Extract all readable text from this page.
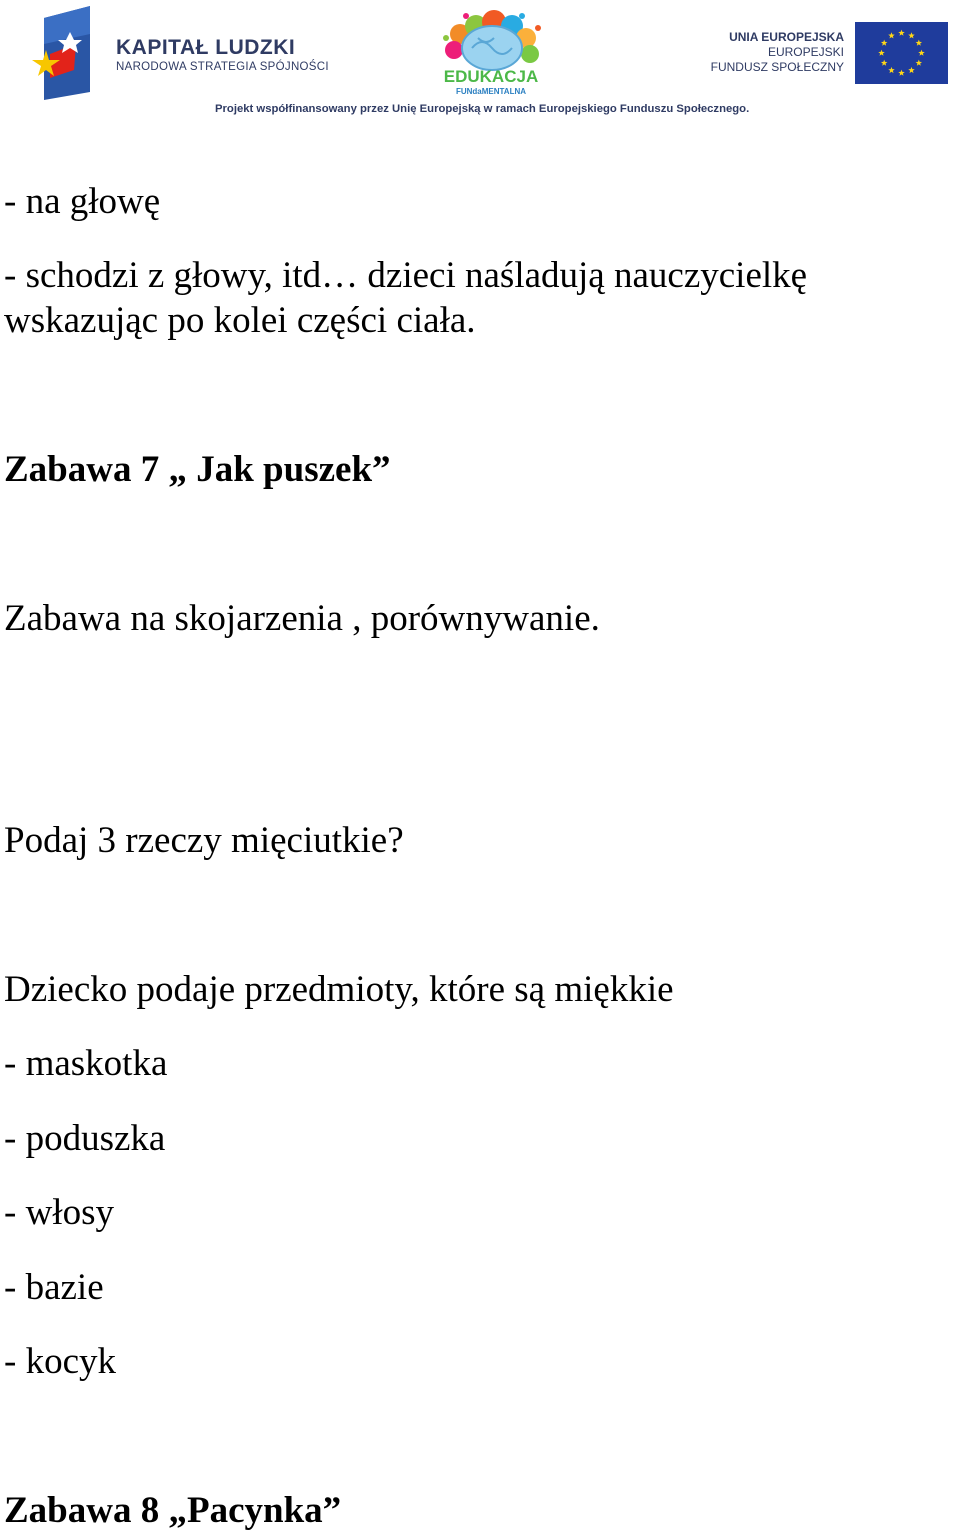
KAPITAŁ LUDZKI
NARODOWA STRATEGIA SPÓJNOŚCI	EDUKACJA
FUNdaMENTALNA
UNIA EUROPEJSKA
EUROPEJSKI
FUNDUSZ SPOŁECZNY
Projekt współfinansowany przez Unię Europejską w ramach Europejskiego Funduszu Społecznego.
- na głowę
- schodzi z głowy, itd… dzieci naśladują nauczycielkę
wskazując po kolei części ciała.
Zabawa 7 „ Jak puszek”
Zabawa na skojarzenia , porównywanie.
Podaj 3 rzeczy mięciutkie?
Dziecko podaje przedmioty, które są miękkie
- maskotka
- poduszka
- włosy
- bazie
- kocyk
Zabawa 8 „Pacynka”
